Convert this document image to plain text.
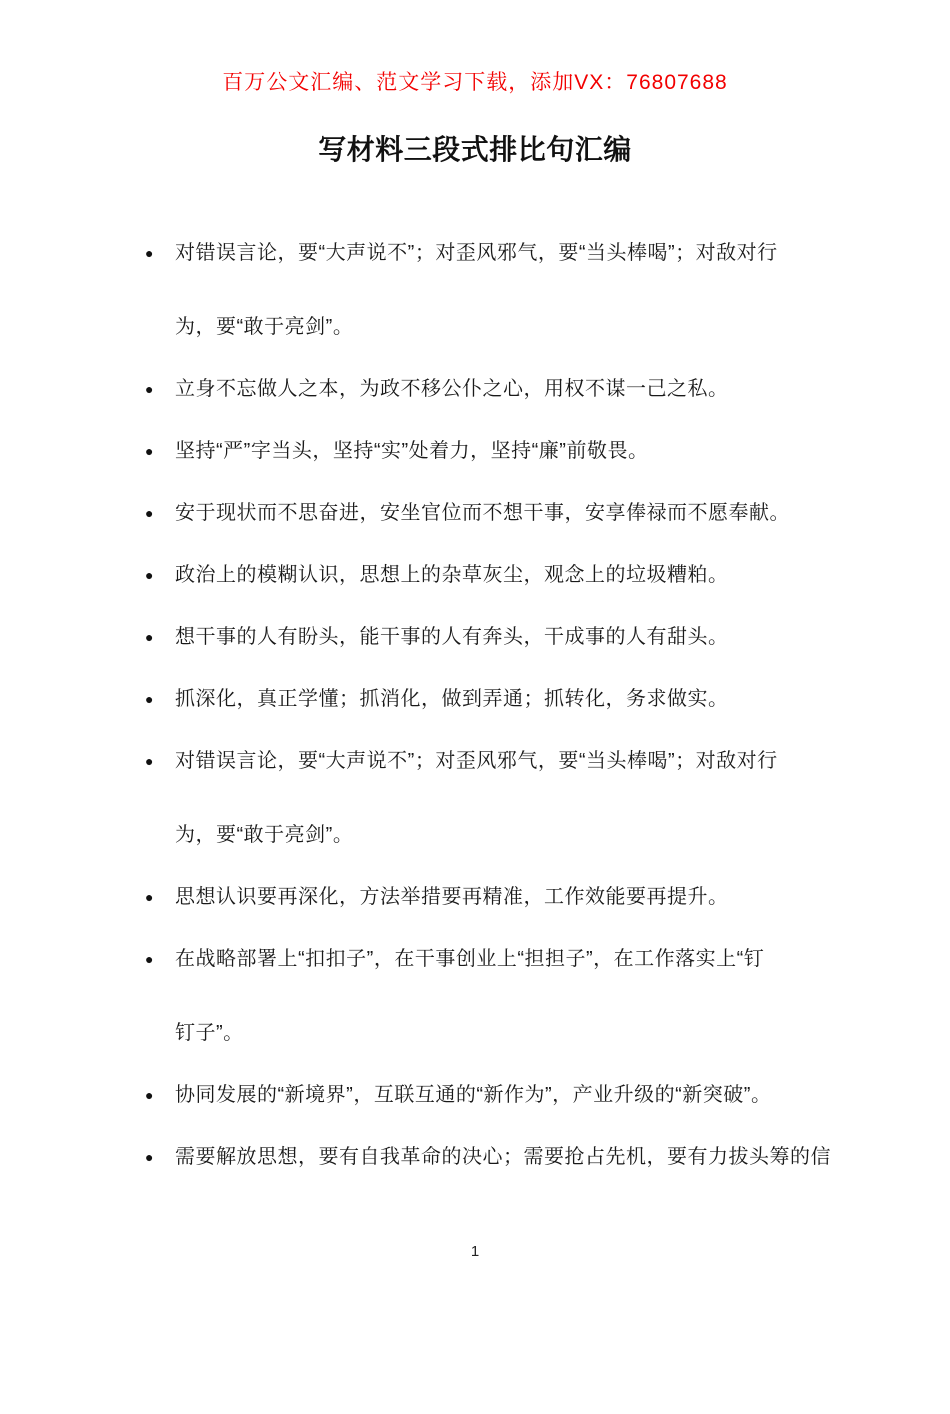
百万公文汇编、范文学习下载，添加VX：76807688
写材料三段式排比句汇编
●	对错误言论，要“大声说不”；对歪风邪气，要“当头棒喝”；对敌对行
为，要“敢于亮剑”。
●	立身不忘做人之本，为政不移公仆之心，用权不谋一己之私。
●	坚持“严”字当头，坚持“实”处着力，坚持“廉”前敬畏。
●	安于现状而不思奋进，安坐官位而不想干事，安享俸禄而不愿奉献。
●	政治上的模糊认识，思想上的杂草灰尘，观念上的垃圾糟粕。
●	想干事的人有盼头，能干事的人有奔头，干成事的人有甜头。
●	抓深化，真正学懂；抓消化，做到弄通；抓转化，务求做实。
●	对错误言论，要“大声说不”；对歪风邪气，要“当头棒喝”；对敌对行
为，要“敢于亮剑”。
●	思想认识要再深化，方法举措要再精准，工作效能要再提升。
●	在战略部署上“扣扣子”，在干事创业上“担担子”，在工作落实上“钉
钉子”。
●	协同发展的“新境界”，互联互通的“新作为”，产业升级的“新突破”。
●	需要解放思想，要有自我革命的决心；需要抢占先机，要有力拔头筹的信
1
